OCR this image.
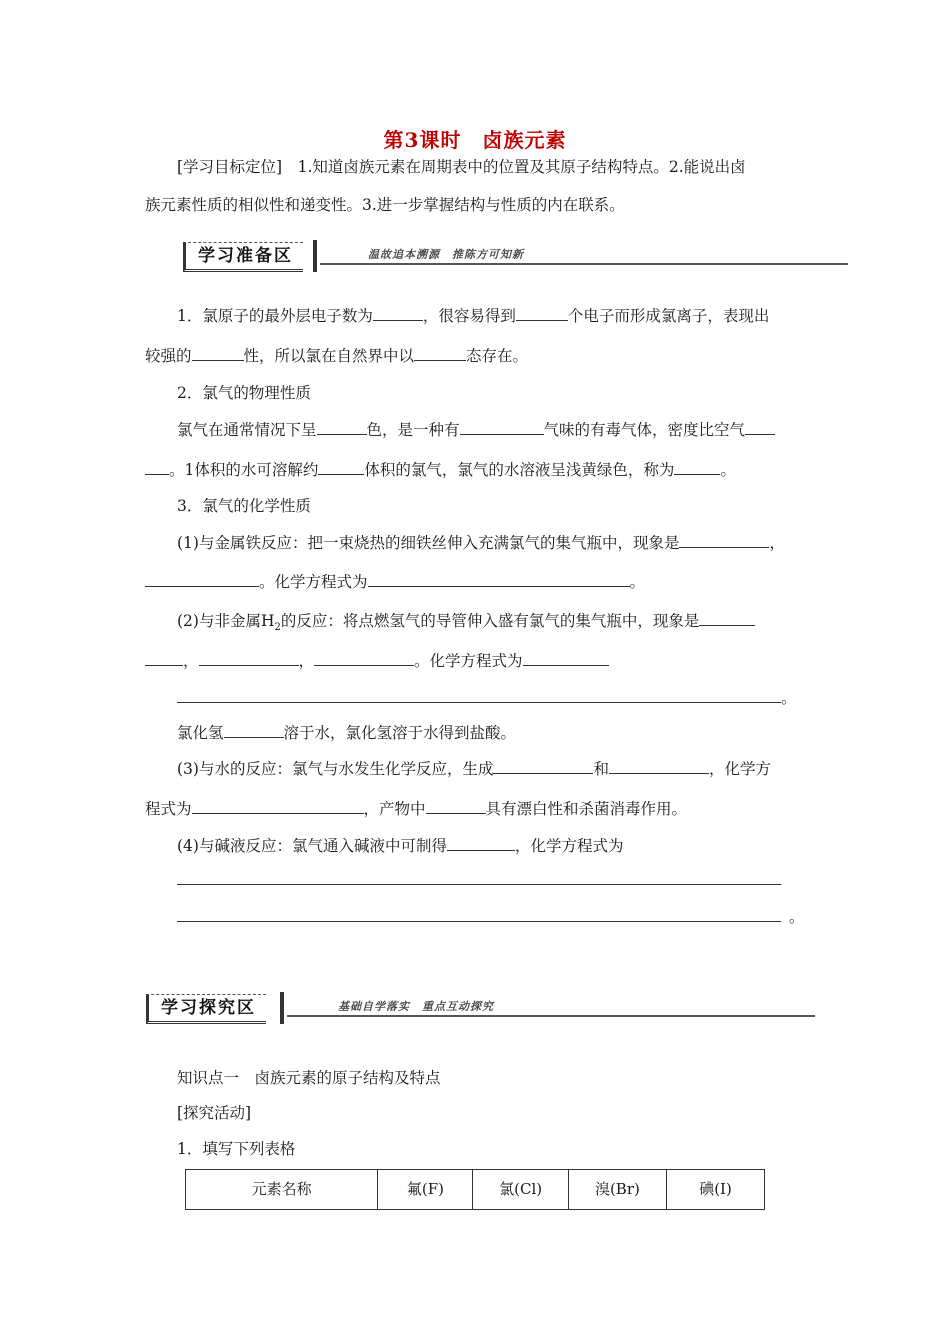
第3课时　卤族元素
[学习目标定位]　1.知道卤族元素在周期表中的位置及其原子结构特点。2.能说出卤
族元素性质的相似性和递变性。3.进一步掌握结构与性质的内在联系。
学习准备区	温故追本溯源　推陈方可知新
1．氯原子的最外层电子数为	，很容易得到	个电子而形成氯离子，表现出
较强的	性，所以氯在自然界中以	态存在。
2．氯气的物理性质
氯气在通常情况下呈	色，是一种有	气味的有毒气体，密度比空气
。1体积的水可溶解约	体积的氯气，氯气的水溶液呈浅黄绿色，称为	。
3．氯气的化学性质
(1)与金属铁反应：把一束烧热的细铁丝伸入充满氯气的集气瓶中，现象是	，
。化学方程式为	。
(2)与非金属$H_2$的反应：将点燃氢气的导管伸入盛有氯气的集气瓶中，现象是
，	，	。化学方程式为
。
氯化氢	溶于水，氯化氢溶于水得到盐酸。
(3)与水的反应：氯气与水发生化学反应，生成	和	，化学方
程式为	，产物中	具有漂白性和杀菌消毒作用。
(4)与碱液反应：氯气通入碱液中可制得	，化学方程式为
。
学习探究区	基础自学落实　重点互动探究
知识点一　卤族元素的原子结构及特点
[探究活动]
1．填写下列表格
元素名称	氟(F)	氯(Cl)	溴(Br)	碘(I)
